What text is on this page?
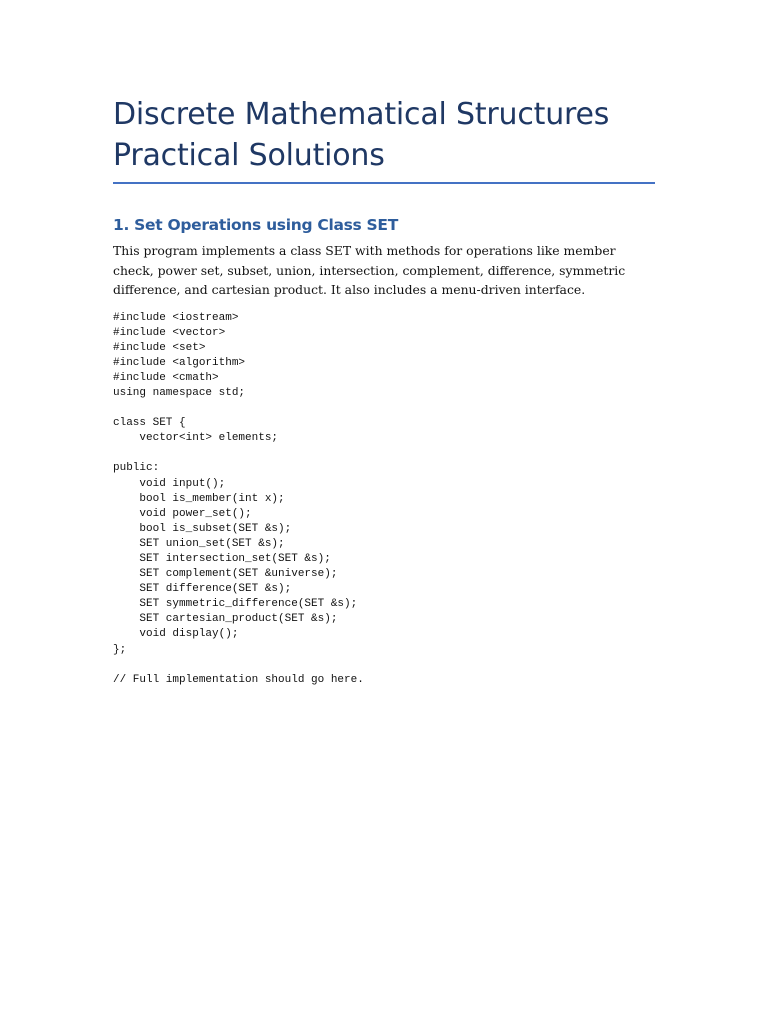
Discrete Mathematical Structures
Practical Solutions
1. Set Operations using Class SET

This program implements a class SET with methods for operations like member check, power set, subset, union, intersection, complement, difference, symmetric difference, and cartesian product. It also includes a menu-driven interface.

#include <iostream>
#include <vector>
#include <set>
#include <algorithm>
#include <cmath>
using namespace std;
class SET {
vector<int> elements;
public:
void input();
bool is_member(int x);
void power_set();
bool is_subset(SET &s);
SET union_set(SET &s);
SET intersection_set(SET &s);
SET complement(SET &universe);
SET difference(SET &s);
SET symmetric_difference(SET &s);
SET cartesian_product(SET &s);
void display();
};
// Full implementation should go here.
